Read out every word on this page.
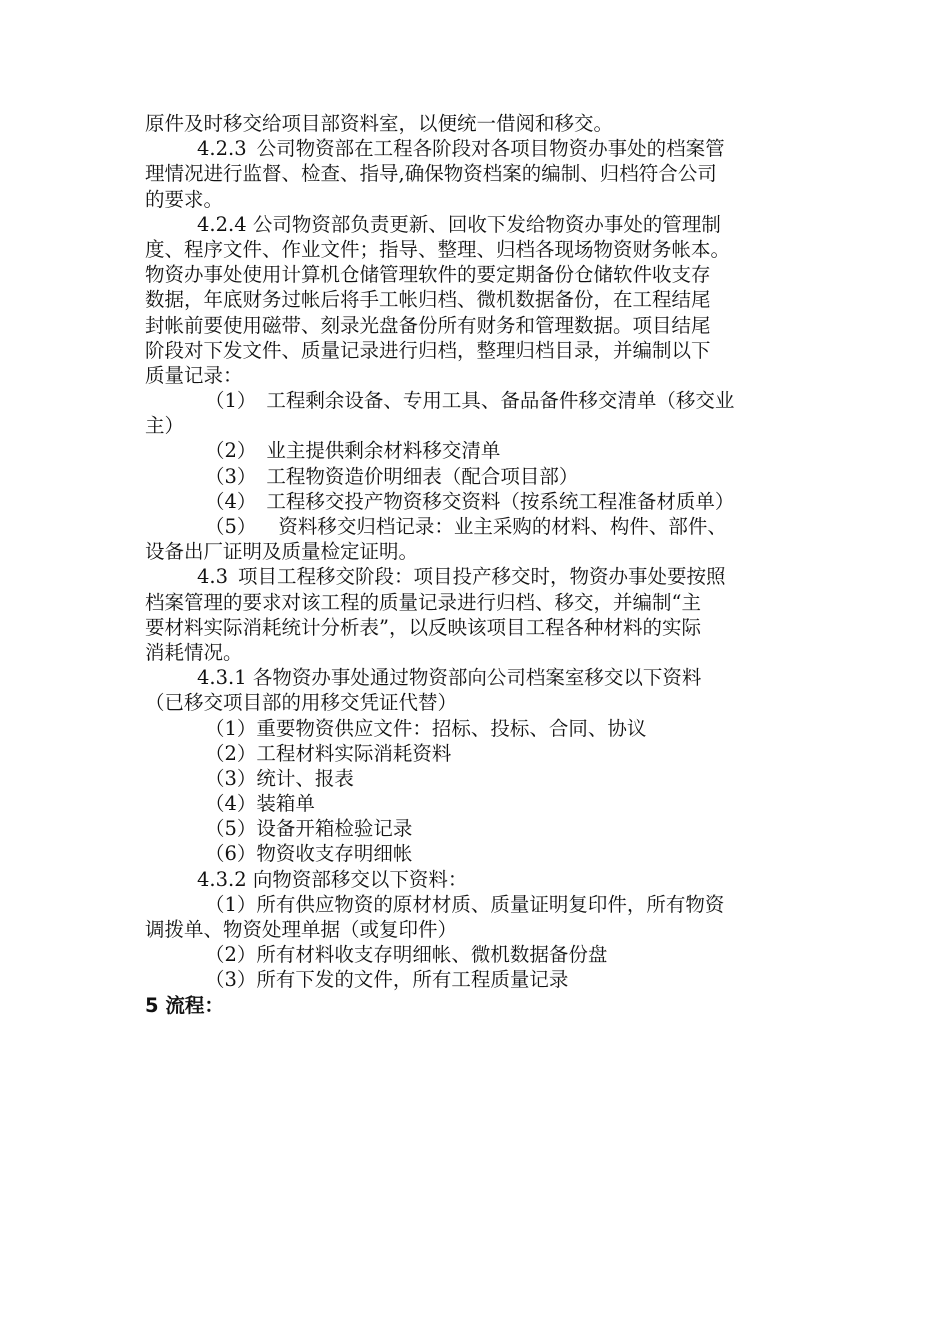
原件及时移交给项目部资料室，以便统一借阅和移交。
4.2.3 公司物资部在工程各阶段对各项目物资办事处的档案管
理情况进行监督、检查、指导,确保物资档案的编制、归档符合公司
的要求。
4.2.4 公司物资部负责更新、回收下发给物资办事处的管理制
度、程序文件、作业文件；指导、整理、归档各现场物资财务帐本。
物资办事处使用计算机仓储管理软件的要定期备份仓储软件收支存
数据，年底财务过帐后将手工帐归档、微机数据备份，在工程结尾
封帐前要使用磁带、刻录光盘备份所有财务和管理数据。项目结尾
阶段对下发文件、质量记录进行归档，整理归档目录，并编制以下
质量记录：
（1） 工程剩余设备、专用工具、备品备件移交清单（移交业
主）
（2） 业主提供剩余材料移交清单
（3） 工程物资造价明细表（配合项目部）
（4） 工程移交投产物资移交资料（按系统工程准备材质单）
（5） 资料移交归档记录：业主采购的材料、构件、部件、
设备出厂证明及质量检定证明。
4.3 项目工程移交阶段：项目投产移交时，物资办事处要按照
档案管理的要求对该工程的质量记录进行归档、移交，并编制“主
要材料实际消耗统计分析表”，以反映该项目工程各种材料的实际
消耗情况。
4.3.1 各物资办事处通过物资部向公司档案室移交以下资料
（已移交项目部的用移交凭证代替）
（1）重要物资供应文件：招标、投标、合同、协议
（2）工程材料实际消耗资料
（3）统计、报表
（4）装箱单
（5）设备开箱检验记录
（6）物资收支存明细帐
4.3.2 向物资部移交以下资料：
（1）所有供应物资的原材材质、质量证明复印件，所有物资
调拨单、物资处理单据（或复印件）
（2）所有材料收支存明细帐、微机数据备份盘
（3）所有下发的文件，所有工程质量记录
5 流程：
